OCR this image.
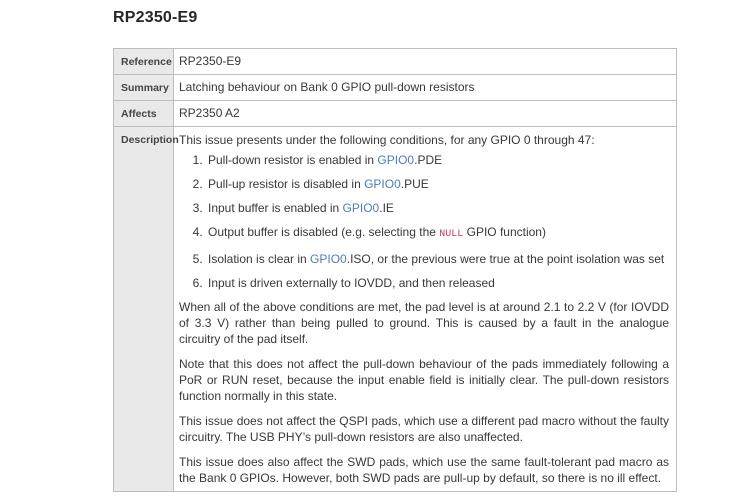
RP2350-E9
Reference	RP2350-E9
Summary	Latching behaviour on Bank 0 GPIO pull-down resistors
Affects	RP2350 A2
Description	This issue presents under the following conditions, for any GPIO 0 through 47:

1. Pull-down resistor is enabled in GPIO0.PDE
2. Pull-up resistor is disabled in GPIO0.PUE
3. Input buffer is enabled in GPIO0.IE
4. Output buffer is disabled (e.g. selecting the NULL GPIO function)
5. Isolation is clear in GPIO0.ISO, or the previous were true at the point isolation was set
6. Input is driven externally to IOVDD, and then released

When all of the above conditions are met, the pad level is at around 2.1 to 2.2 V (for IOVDD of 3.3 V) rather than being pulled to ground. This is caused by a fault in the analogue circuitry of the pad itself.

Note that this does not affect the pull-down behaviour of the pads immediately following a PoR or RUN reset, because the input enable field is initially clear. The pull-down resistors function normally in this state.

This issue does not affect the QSPI pads, which use a different pad macro without the faulty circuitry. The USB PHY’s pull-down resistors are also unaffected.

This issue does also affect the SWD pads, which use the same fault-tolerant pad macro as the Bank 0 GPIOs. However, both SWD pads are pull-up by default, so there is no ill effect.
